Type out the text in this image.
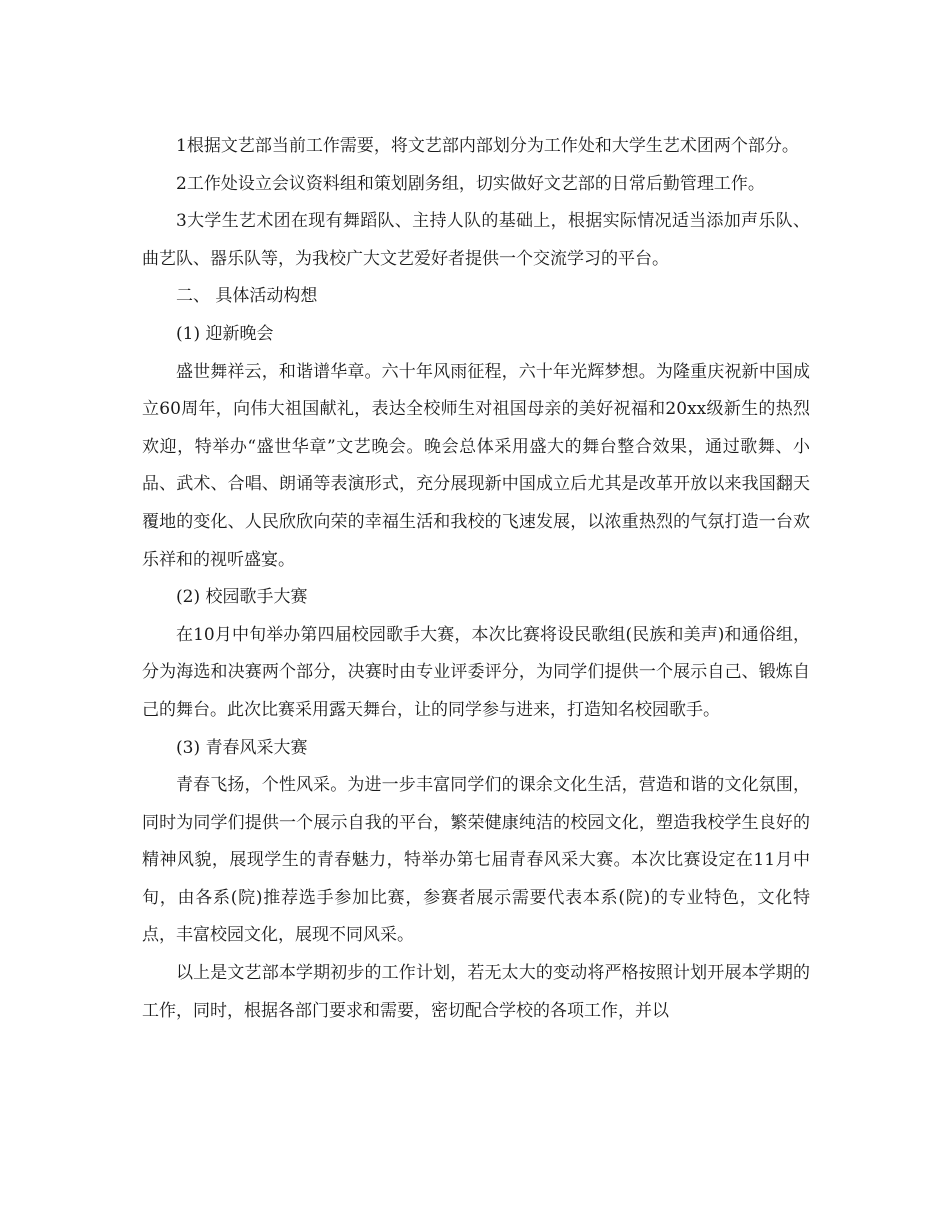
1根据文艺部当前工作需要，将文艺部内部划分为工作处和大学生艺术团两个部分。

2工作处设立会议资料组和策划剧务组，切实做好文艺部的日常后勤管理工作。

3大学生艺术团在现有舞蹈队、主持人队的基础上，根据实际情况适当添加声乐队、曲艺队、器乐队等，为我校广大文艺爱好者提供一个交流学习的平台。

二、 具体活动构想

(1) 迎新晚会

盛世舞祥云，和谐谱华章。六十年风雨征程，六十年光辉梦想。为隆重庆祝新中国成立60周年，向伟大祖国献礼，表达全校师生对祖国母亲的美好祝福和20xx级新生的热烈欢迎，特举办“盛世华章”文艺晚会。晚会总体采用盛大的舞台整合效果，通过歌舞、小品、武术、合唱、朗诵等表演形式，充分展现新中国成立后尤其是改革开放以来我国翻天覆地的变化、人民欣欣向荣的幸福生活和我校的飞速发展，以浓重热烈的气氛打造一台欢乐祥和的视听盛宴。

(2) 校园歌手大赛

在10月中旬举办第四届校园歌手大赛，本次比赛将设民歌组(民族和美声)和通俗组，分为海选和决赛两个部分，决赛时由专业评委评分，为同学们提供一个展示自己、锻炼自己的舞台。此次比赛采用露天舞台，让的同学参与进来，打造知名校园歌手。

(3) 青春风采大赛

青春飞扬，个性风采。为进一步丰富同学们的课余文化生活，营造和谐的文化氛围，同时为同学们提供一个展示自我的平台，繁荣健康纯洁的校园文化，塑造我校学生良好的精神风貌，展现学生的青春魅力，特举办第七届青春风采大赛。本次比赛设定在11月中旬，由各系(院)推荐选手参加比赛，参赛者展示需要代表本系(院)的专业特色，文化特点，丰富校园文化，展现不同风采。

以上是文艺部本学期初步的工作计划，若无太大的变动将严格按照计划开展本学期的工作，同时，根据各部门要求和需要，密切配合学校的各项工作，并以
